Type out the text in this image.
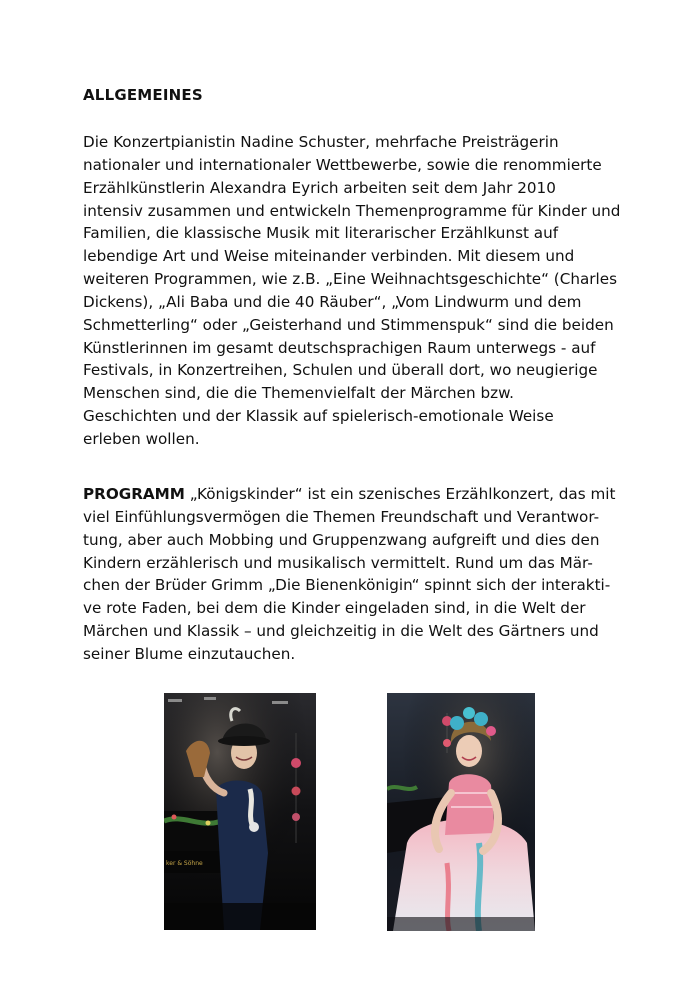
ALLGEMEINES
Die Konzertpianistin Nadine Schuster, mehrfache Preisträgerin
nationaler und internationaler Wettbewerbe, sowie die renommierte
Erzählkünstlerin Alexandra Eyrich arbeiten seit dem Jahr 2010
intensiv zusammen und entwickeln Themenprogramme für Kinder und
Familien, die klassische Musik mit literarischer Erzählkunst auf
lebendige Art und Weise miteinander verbinden. Mit diesem und
weiteren Programmen, wie z.B. „Eine Weihnachtsgeschichte“ (Charles
Dickens), „Ali Baba und die 40 Räuber“, „Vom Lindwurm und dem
Schmetterling“ oder „Geisterhand und Stimmenspuk“ sind die beiden
Künstlerinnen im gesamt deutschsprachigen Raum unterwegs - auf
Festivals, in Konzertreihen, Schulen und überall dort, wo neugierige
Menschen sind, die die Themenvielfalt der Märchen bzw.
Geschichten und der Klassik auf spielerisch-emotionale Weise
erleben wollen.
PROGRAMM „Königskinder“ ist ein szenisches Erzählkonzert, das mit
viel Einfühlungsvermögen die Themen Freundschaft und Verantwor-
tung, aber auch Mobbing und Gruppenzwang aufgreift und dies den
Kindern erzählerisch und musikalisch vermittelt. Rund um das Mär-
chen der Brüder Grimm „Die Bienenkönigin“ spinnt sich der interakti-
ve rote Faden, bei dem die Kinder eingeladen sind, in die Welt der
Märchen und Klassik – und gleichzeitig in die Welt des Gärtners und
seiner Blume einzutauchen.
ker & Söhne
